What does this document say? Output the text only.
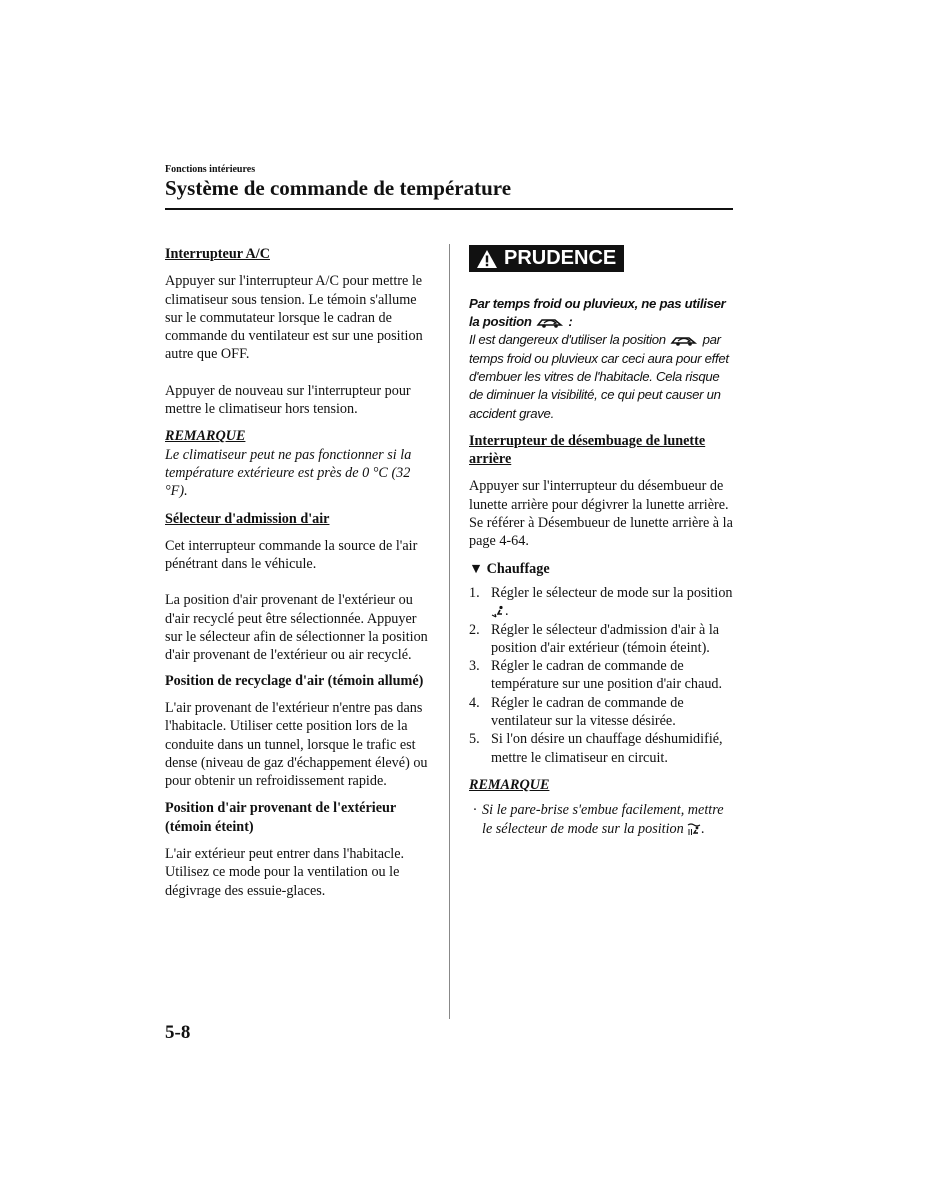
Fonctions intérieures
Système de commande de température

Interrupteur A/C

Appuyer sur l'interrupteur A/C pour mettre le climatiseur sous tension. Le témoin s'allume sur le commutateur lorsque le cadran de commande du ventilateur est sur une position autre que OFF.

Appuyer de nouveau sur l'interrupteur pour mettre le climatiseur hors tension.

REMARQUE

Le climatiseur peut ne pas fonctionner si la température extérieure est près de 0 °C (32 °F).

Sélecteur d'admission d'air

Cet interrupteur commande la source de l'air pénétrant dans le véhicule.

La position d'air provenant de l'extérieur ou d'air recyclé peut être sélectionnée. Appuyer sur le sélecteur afin de sélectionner la position d'air provenant de l'extérieur ou air recyclé.

Position de recyclage d'air (témoin allumé)

L'air provenant de l'extérieur n'entre pas dans l'habitacle. Utiliser cette position lors de la conduite dans un tunnel, lorsque le trafic est dense (niveau de gaz d'échappement élevé) ou pour obtenir un refroidissement rapide.

Position d'air provenant de l'extérieur (témoin éteint)

L'air extérieur peut entrer dans l'habitacle. Utilisez ce mode pour la ventilation ou le dégivrage des essuie-glaces.

PRUDENCE

Par temps froid ou pluvieux, ne pas utiliser la position	:

Il est dangereux d'utiliser la position	par temps froid ou pluvieux car ceci aura pour effet d'embuer les vitres de l'habitacle. Cela risque de diminuer la visibilité, ce qui peut causer un accident grave.

Interrupteur de désembuage de lunette arrière

Appuyer sur l'interrupteur du désembueur de lunette arrière pour dégivrer la lunette arrière.

Se référer à Désembueur de lunette arrière à la page 4-64.

▼ Chauffage

1. Régler le sélecteur de mode sur la position .
2. Régler le sélecteur d'admission d'air à la position d'air extérieur (témoin éteint).
3. Régler le cadran de commande de température sur une position d'air chaud.
4. Régler le cadran de commande de ventilateur sur la vitesse désirée.
5. Si l'on désire un chauffage déshumidifié, mettre le climatiseur en circuit.

REMARQUE

· Si le pare-brise s'embue facilement, mettre le sélecteur de mode sur la position .
5-8
